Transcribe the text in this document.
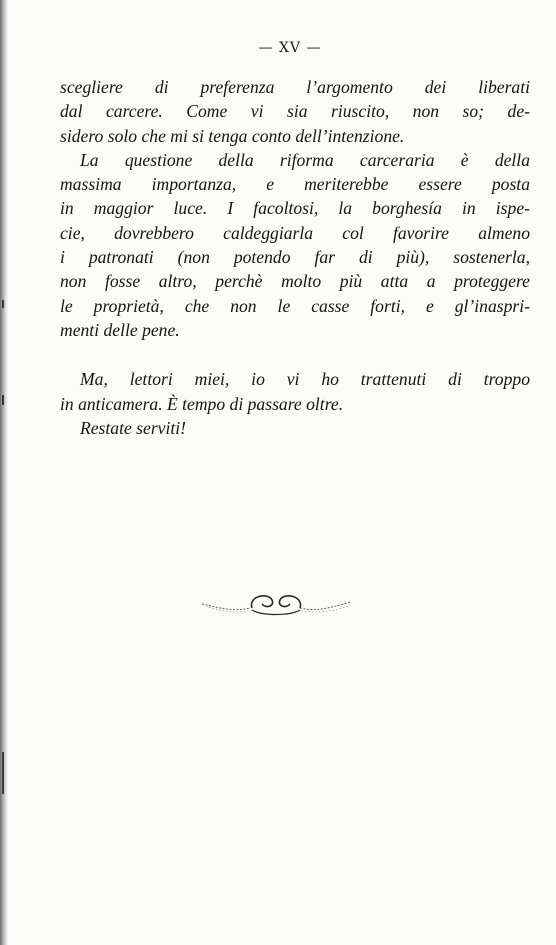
— XV —
scegliere di preferenza l’argomento dei liberati
dal carcere. Come vi sia riuscito, non so; de-
sidero solo che mi si tenga conto dell’intenzione.
La questione della riforma carceraria è della
massima importanza, e meriterebbe essere posta
in maggior luce. I facoltosi, la borghesía in ispe-
cie, dovrebbero caldeggiarla col favorire almeno
i patronati (non potendo far di più), sostenerla,
non fosse altro, perchè molto più atta a proteggere
le proprietà, che non le casse forti, e gl’inaspri-
menti delle pene.
Ma, lettori miei, io vi ho trattenuti di troppo
in anticamera. È tempo di passare oltre.
Restate serviti!
